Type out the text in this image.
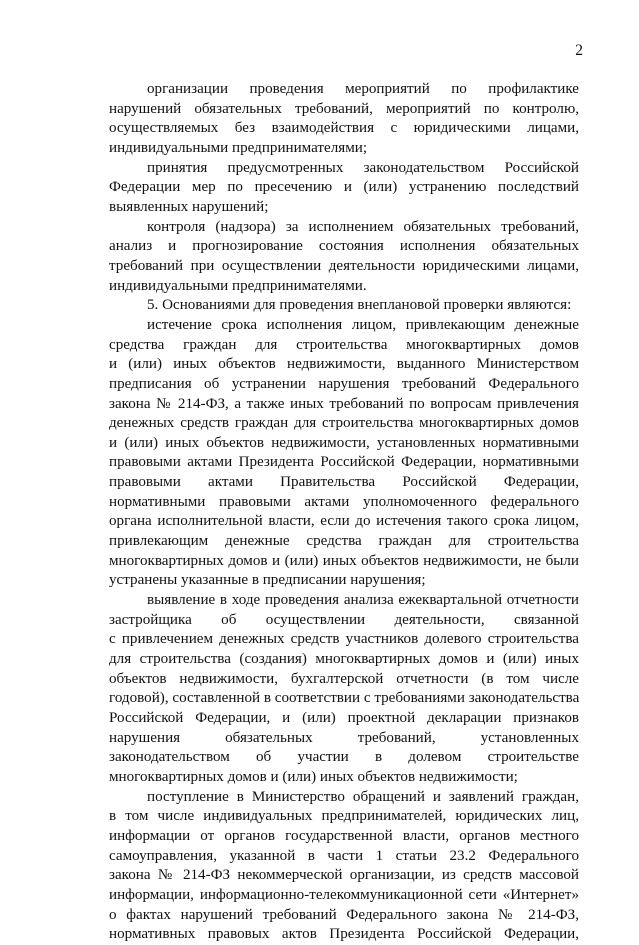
2
организации проведения мероприятий по профилактике
нарушений обязательных требований, мероприятий по контролю,
осуществляемых без взаимодействия с юридическими лицами,
индивидуальными предпринимателями;
принятия предусмотренных законодательством Российской
Федерации мер по пресечению и (или) устранению последствий
выявленных нарушений;
контроля (надзора) за исполнением обязательных требований,
анализ и прогнозирование состояния исполнения обязательных
требований при осуществлении деятельности юридическими лицами,
индивидуальными предпринимателями.
5. Основаниями для проведения внеплановой проверки являются:
истечение срока исполнения лицом, привлекающим денежные
средства граждан для строительства многоквартирных домов
и (или) иных объектов недвижимости, выданного Министерством
предписания об устранении нарушения требований Федерального
закона № 214-ФЗ, а также иных требований по вопросам привлечения
денежных средств граждан для строительства многоквартирных домов
и (или) иных объектов недвижимости, установленных нормативными
правовыми актами Президента Российской Федерации, нормативными
правовыми актами Правительства Российской Федерации,
нормативными правовыми актами уполномоченного федерального
органа исполнительной власти, если до истечения такого срока лицом,
привлекающим денежные средства граждан для строительства
многоквартирных домов и (или) иных объектов недвижимости, не были
устранены указанные в предписании нарушения;
выявление в ходе проведения анализа ежеквартальной отчетности
застройщика об осуществлении деятельности, связанной
с привлечением денежных средств участников долевого строительства
для строительства (создания) многоквартирных домов и (или) иных
объектов недвижимости, бухгалтерской отчетности (в том числе
годовой), составленной в соответствии с требованиями законодательства
Российской Федерации, и (или) проектной декларации признаков
нарушения обязательных требований, установленных
законодательством об участии в долевом строительстве
многоквартирных домов и (или) иных объектов недвижимости;
поступление в Министерство обращений и заявлений граждан,
в том числе индивидуальных предпринимателей, юридических лиц,
информации от органов государственной власти, органов местного
самоуправления, указанной в части 1 статьи 23.2 Федерального
закона № 214-ФЗ некоммерческой организации, из средств массовой
информации, информационно-телекоммуникационной сети «Интернет»
о фактах нарушений требований Федерального закона № 214-ФЗ,
нормативных правовых актов Президента Российской Федерации,
